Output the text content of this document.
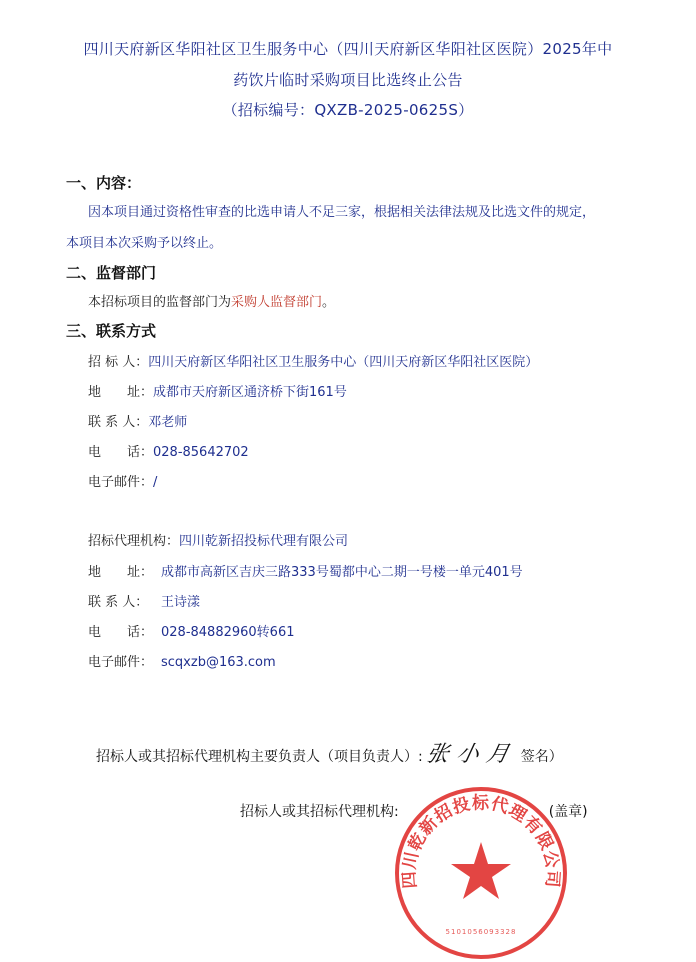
四川天府新区华阳社区卫生服务中心（四川天府新区华阳社区医院）2025年中
药饮片临时采购项目比选终止公告
（招标编号：QXZB-2025-0625S）
一、内容：
因本项目通过资格性审查的比选申请人不足三家，根据相关法律法规及比选文件的规定，
本项目本次采购予以终止。
二、监督部门
本招标项目的监督部门为采购人监督部门。
三、联系方式
招 标 人：四川天府新区华阳社区卫生服务中心（四川天府新区华阳社区医院）
地　　址：成都市天府新区通济桥下街161号
联 系 人：邓老师
电　　话：028-85642702
电子邮件：/
招标代理机构：四川乾新招投标代理有限公司
地　　址： 成都市高新区吉庆三路333号蜀都中心二期一号楼一单元401号
联 系 人： 王诗漾
电　　话： 028-84882960转661
电子邮件： scqxzb@163.com
招标人或其招标代理机构主要负责人（项目负责人）:张小月 签名）
招标人或其招标代理机构:	(盖章)
四川乾新招投标代理有限公司
5101056093328
